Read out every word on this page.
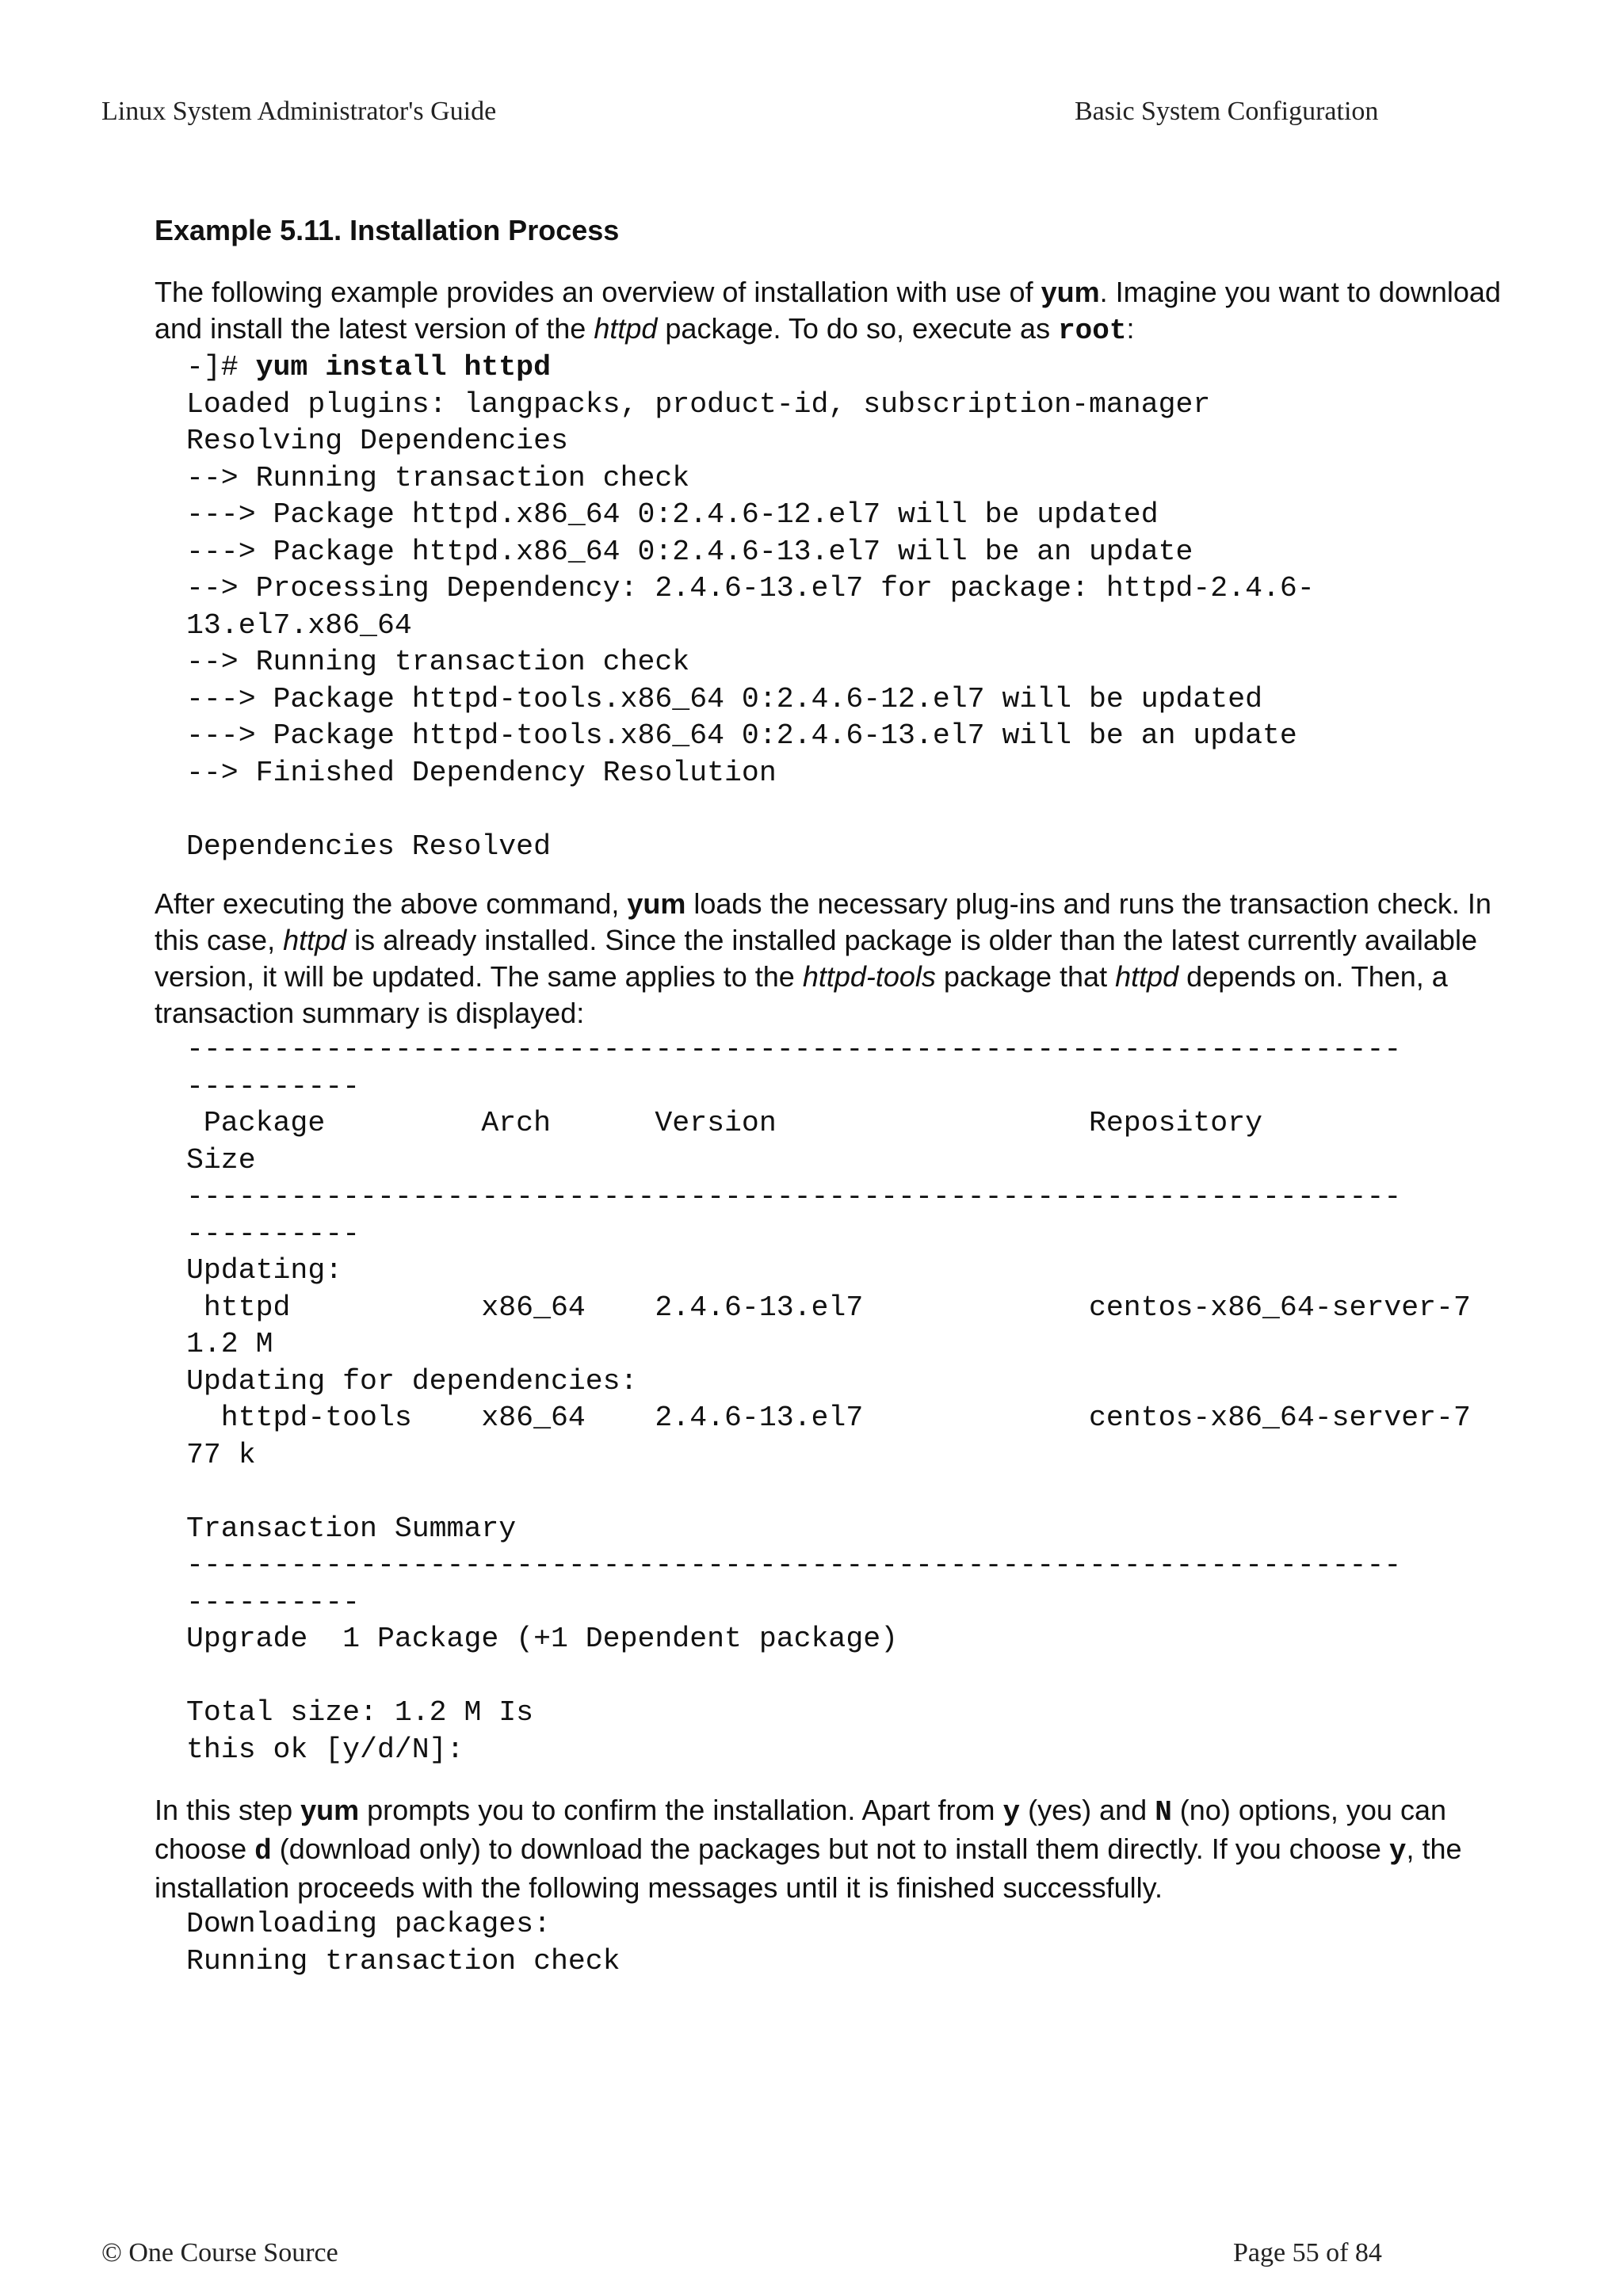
Linux System Administrator's Guide	Basic System Configuration
Example 5.11. Installation Process

The following example provides an overview of installation with use of yum. Imagine you want to download and install the latest version of the httpd package. To do so, execute as root:

-]# yum install httpd
Loaded plugins: langpacks, product-id, subscription-manager
Resolving Dependencies
--> Running transaction check
---> Package httpd.x86_64 0:2.4.6-12.el7 will be updated
---> Package httpd.x86_64 0:2.4.6-13.el7 will be an update
--> Processing Dependency: 2.4.6-13.el7 for package: httpd-2.4.6-
13.el7.x86_64
--> Running transaction check
---> Package httpd-tools.x86_64 0:2.4.6-12.el7 will be updated
---> Package httpd-tools.x86_64 0:2.4.6-13.el7 will be an update
--> Finished Dependency Resolution

Dependencies Resolved

After executing the above command, yum loads the necessary plug-ins and runs the transaction check. In this case, httpd is already installed. Since the installed package is older than the latest currently available version, it will be updated. The same applies to the httpd-tools package that httpd depends on. Then, a transaction summary is displayed:

----------------------------------------------------------------------
----------
Package         Arch      Version                  Repository
Size
----------------------------------------------------------------------
----------
Updating:
httpd           x86_64    2.4.6-13.el7             centos-x86_64-server-7
1.2 M
Updating for dependencies:
httpd-tools    x86_64    2.4.6-13.el7             centos-x86_64-server-7
77 k

Transaction Summary
----------------------------------------------------------------------
----------
Upgrade  1 Package (+1 Dependent package)

Total size: 1.2 M Is
this ok [y/d/N]:

In this step yum prompts you to confirm the installation. Apart from y (yes) and N (no) options, you can choose d (download only) to download the packages but not to install them directly. If you choose y, the installation proceeds with the following messages until it is finished successfully.

Downloading packages:
Running transaction check
© One Course Source	Page 55 of 84
